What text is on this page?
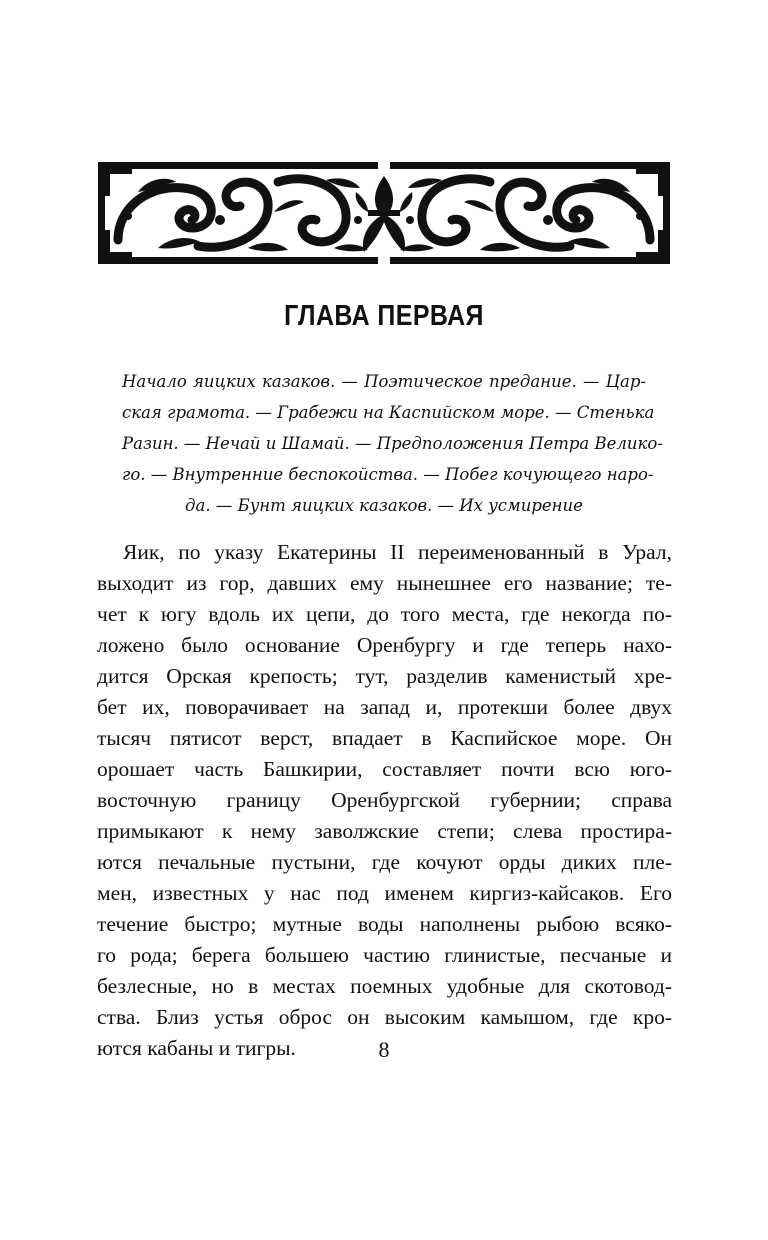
ГЛАВА ПЕРВАЯ
Начало яицких казаков. — Поэтическое предание. — Цар-
ская грамота. — Грабежи на Каспийском море. — Стенька
Разин. — Нечай и Шамай. — Предположения Петра Велико-
го. — Внутренние беспокойства. — Побег кочующего наро-
да. — Бунт яицких казаков. — Их усмирение
Яик, по указу Екатерины II переименованный в Урал,
выходит из гор, давших ему нынешнее его название; те-
чет к югу вдоль их цепи, до того места, где некогда по-
ложено было основание Оренбургу и где теперь нахо-
дится Орская крепость; тут, разделив каменистый хре-
бет их, поворачивает на запад и, протекши более двух
тысяч пятисот верст, впадает в Каспийское море. Он
орошает часть Башкирии, составляет почти всю юго-
восточную границу Оренбургской губернии; справа
примыкают к нему заволжские степи; слева простира-
ются печальные пустыни, где кочуют орды диких пле-
мен, известных у нас под именем киргиз-кайсаков. Его
течение быстро; мутные воды наполнены рыбою всяко-
го рода; берега большею частию глинистые, песчаные и
безлесные, но в местах поемных удобные для скотовод-
ства. Близ устья оброс он высоким камышом, где кро-
ются кабаны и тигры.	8
